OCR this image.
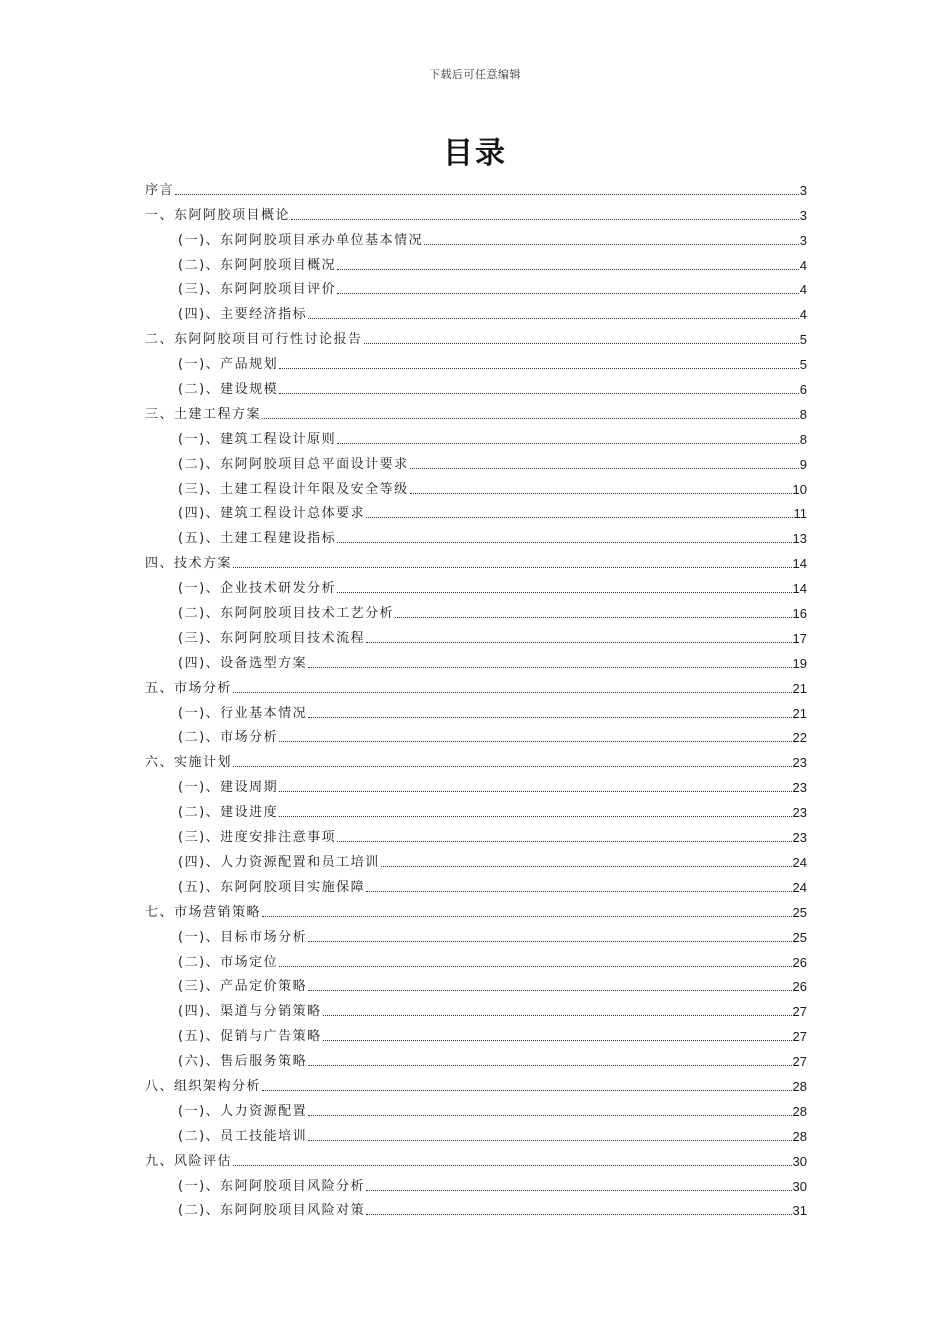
下载后可任意编辑
目录
序言	3
一、东阿阿胶项目概论	3
(一)、东阿阿胶项目承办单位基本情况	3
(二)、东阿阿胶项目概况	4
(三)、东阿阿胶项目评价	4
(四)、主要经济指标	4
二、东阿阿胶项目可行性讨论报告	5
(一)、产品规划	5
(二)、建设规模	6
三、土建工程方案	8
(一)、建筑工程设计原则	8
(二)、东阿阿胶项目总平面设计要求	9
(三)、土建工程设计年限及安全等级	10
(四)、建筑工程设计总体要求	11
(五)、土建工程建设指标	13
四、技术方案	14
(一)、企业技术研发分析	14
(二)、东阿阿胶项目技术工艺分析	16
(三)、东阿阿胶项目技术流程	17
(四)、设备选型方案	19
五、市场分析	21
(一)、行业基本情况	21
(二)、市场分析	22
六、实施计划	23
(一)、建设周期	23
(二)、建设进度	23
(三)、进度安排注意事项	23
(四)、人力资源配置和员工培训	24
(五)、东阿阿胶项目实施保障	24
七、市场营销策略	25
(一)、目标市场分析	25
(二)、市场定位	26
(三)、产品定价策略	26
(四)、渠道与分销策略	27
(五)、促销与广告策略	27
(六)、售后服务策略	27
八、组织架构分析	28
(一)、人力资源配置	28
(二)、员工技能培训	28
九、风险评估	30
(一)、东阿阿胶项目风险分析	30
(二)、东阿阿胶项目风险对策	31
